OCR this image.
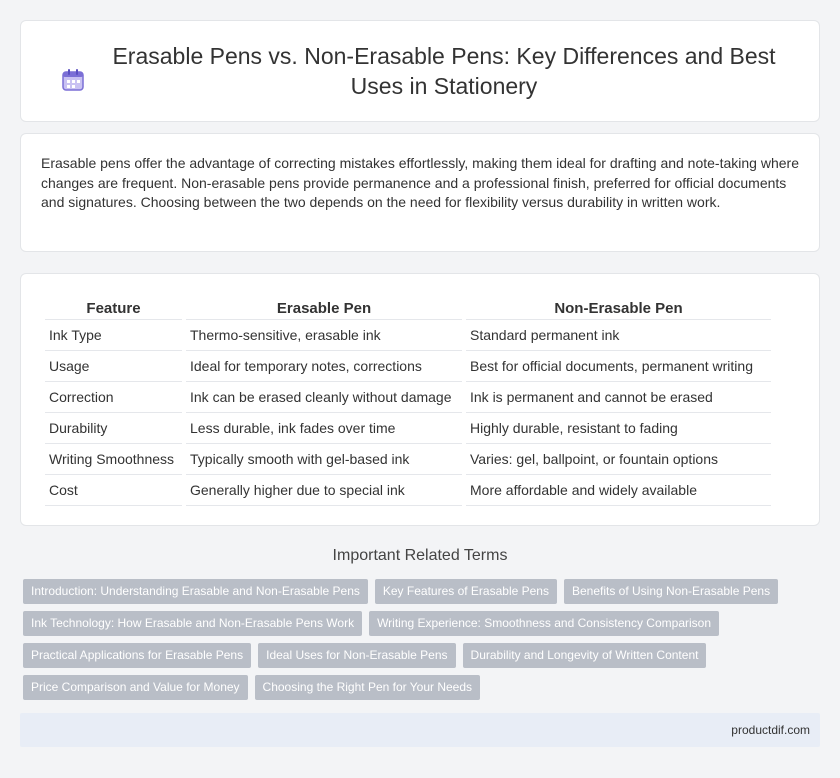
Erasable Pens vs. Non-Erasable Pens: Key Differences and Best Uses in Stationery

Erasable pens offer the advantage of correcting mistakes effortlessly, making them ideal for drafting and note-taking where changes are frequent. Non-erasable pens provide permanence and a professional finish, preferred for official documents and signatures. Choosing between the two depends on the need for flexibility versus durability in written work.

Feature	Erasable Pen	Non-Erasable Pen
Ink Type	Thermo-sensitive, erasable ink	Standard permanent ink
Usage	Ideal for temporary notes, corrections	Best for official documents, permanent writing
Correction	Ink can be erased cleanly without damage	Ink is permanent and cannot be erased
Durability	Less durable, ink fades over time	Highly durable, resistant to fading
Writing Smoothness	Typically smooth with gel-based ink	Varies: gel, ballpoint, or fountain options
Cost	Generally higher due to special ink	More affordable and widely available
Important Related Terms
Introduction: Understanding Erasable and Non-Erasable Pens	Key Features of Erasable Pens	Benefits of Using Non-Erasable Pens
Ink Technology: How Erasable and Non-Erasable Pens Work	Writing Experience: Smoothness and Consistency Comparison
Practical Applications for Erasable Pens	Ideal Uses for Non-Erasable Pens	Durability and Longevity of Written Content
Price Comparison and Value for Money	Choosing the Right Pen for Your Needs
productdif.com
